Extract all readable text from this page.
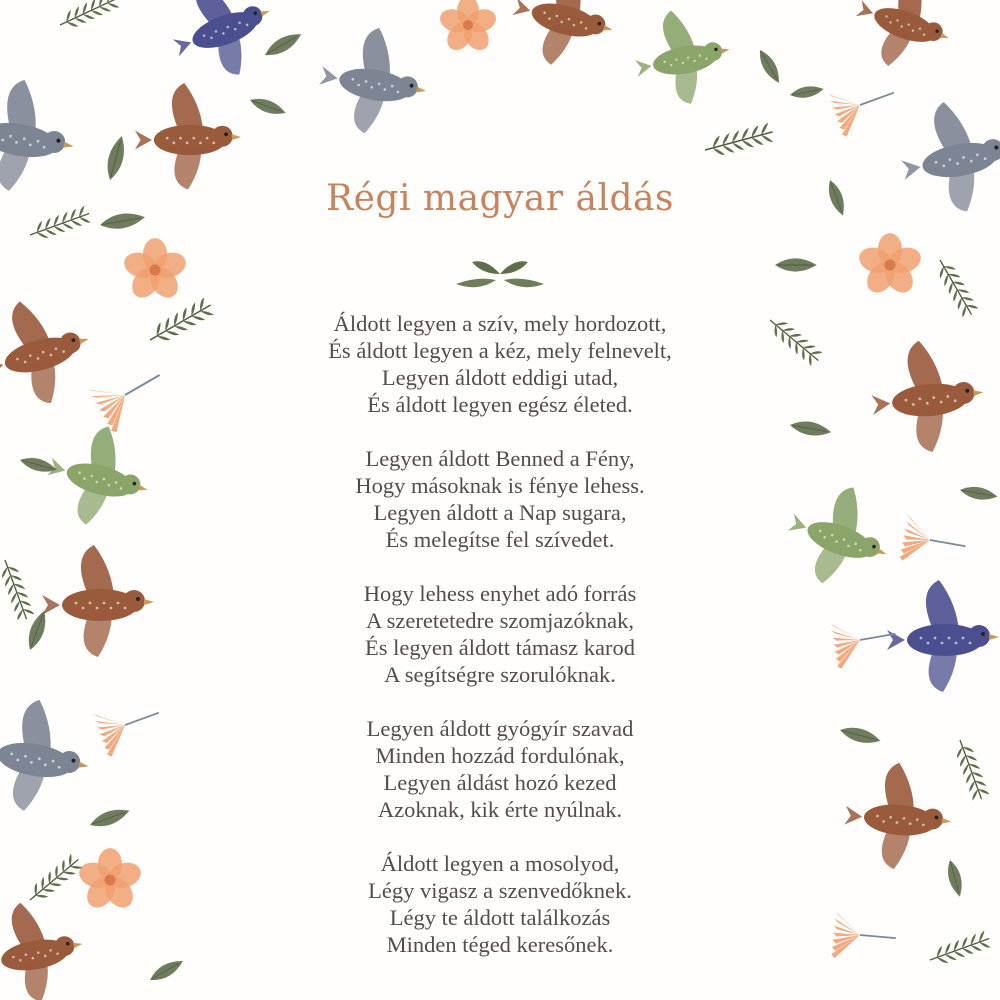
Régi magyar áldás
Áldott legyen a szív, mely hordozott,
És áldott legyen a kéz, mely felnevelt,
Legyen áldott eddigi utad,
És áldott legyen egész életed.
Legyen áldott Benned a Fény,
Hogy másoknak is fénye lehess.
Legyen áldott a Nap sugara,
És melegítse fel szívedet.
Hogy lehess enyhet adó forrás
A szeretetedre szomjazóknak,
És legyen áldott támasz karod
A segítségre szorulóknak.
Legyen áldott gyógyír szavad
Minden hozzád fordulónak,
Legyen áldást hozó kezed
Azoknak, kik érte nyúlnak.
Áldott legyen a mosolyod,
Légy vigasz a szenvedőknek.
Légy te áldott találkozás
Minden téged keresőnek.
